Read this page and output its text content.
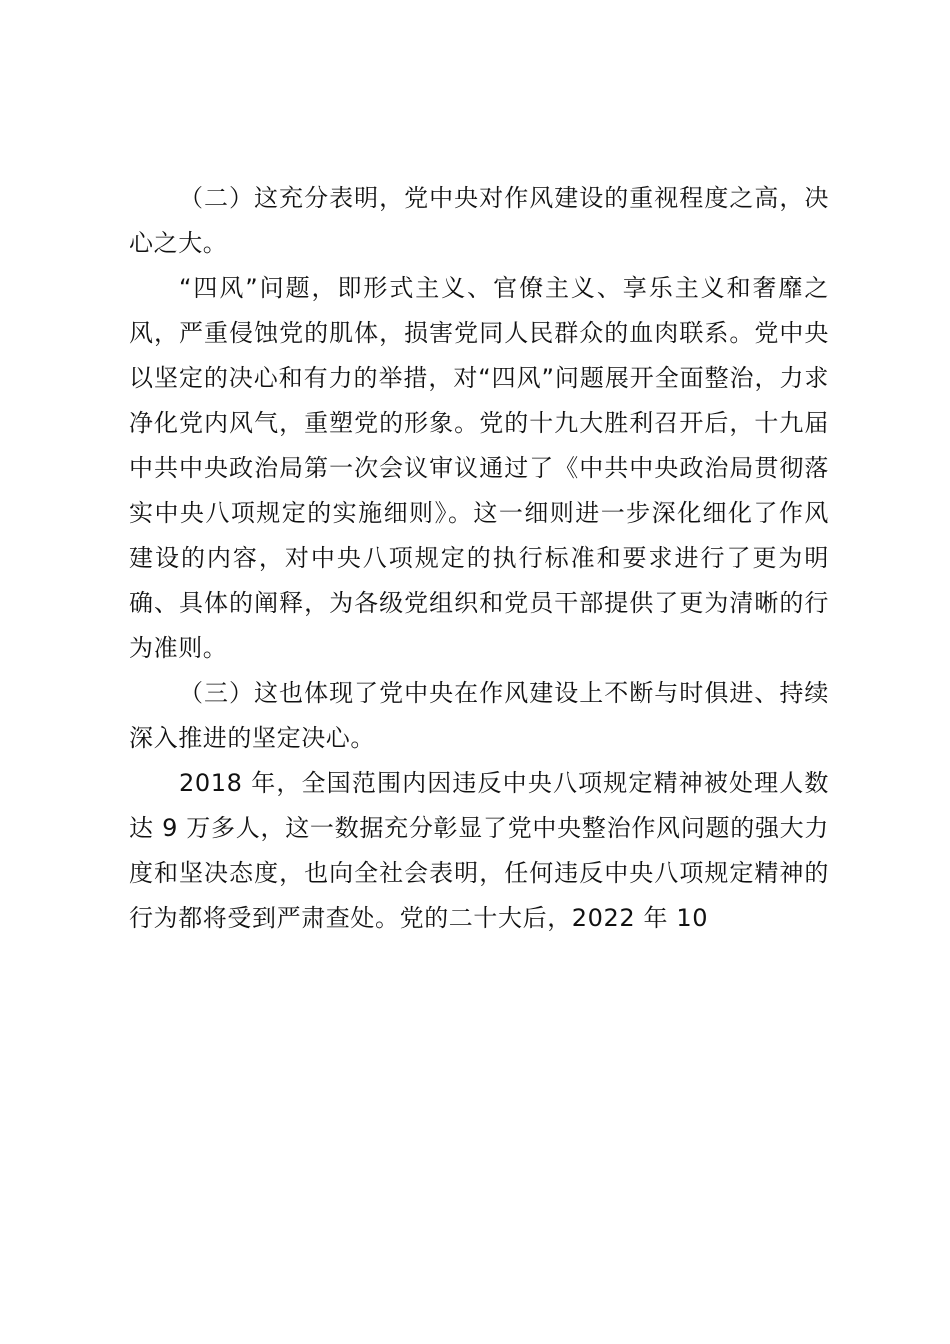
（二）这充分表明，党中央对作风建设的重视程度之高，决心之大。

“四风”问题，即形式主义、官僚主义、享乐主义和奢靡之风，严重侵蚀党的肌体，损害党同人民群众的血肉联系。党中央以坚定的决心和有力的举措，对“四风”问题展开全面整治，力求净化党内风气，重塑党的形象。党的十九大胜利召开后，十九届中共中央政治局第一次会议审议通过了《中共中央政治局贯彻落实中央八项规定的实施细则》。这一细则进一步深化细化了作风建设的内容，对中央八项规定的执行标准和要求进行了更为明确、具体的阐释，为各级党组织和党员干部提供了更为清晰的行为准则。

（三）这也体现了党中央在作风建设上不断与时俱进、持续深入推进的坚定决心。

2018 年，全国范围内因违反中央八项规定精神被处理人数达 9 万多人，这一数据充分彰显了党中央整治作风问题的强大力度和坚决态度，也向全社会表明，任何违反中央八项规定精神的行为都将受到严肃查处。党的二十大后，2022 年 10
